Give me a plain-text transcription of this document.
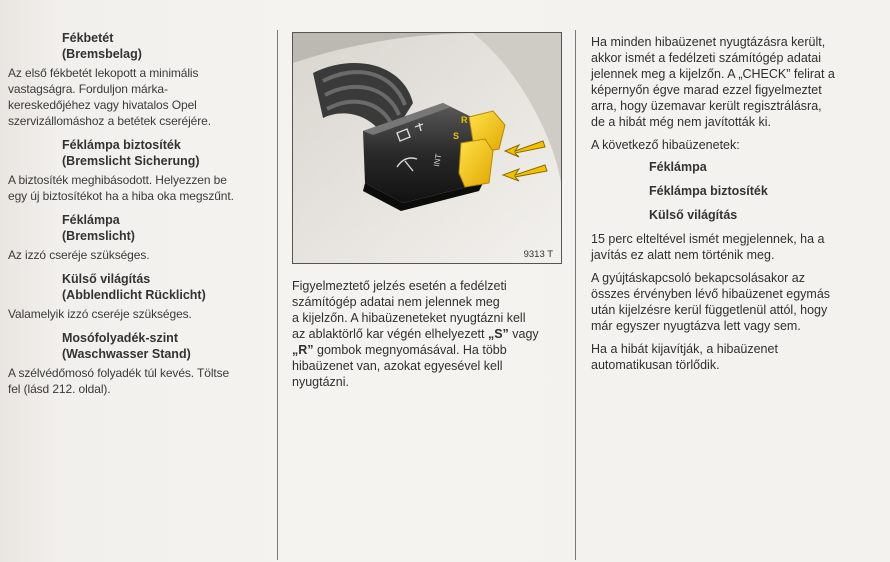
Fékbetét
(Bremsbelag)
Az első fékbetét lekopott a minimális
vastagságra. Forduljon márka-
kereskedőjéhez vagy hivatalos Opel
szervizállomáshoz a betétek cseréjére.
Féklámpa biztosíték
(Bremslicht Sicherung)
A biztosíték meghibásodott. Helyezzen be
egy új biztosítékot ha a hiba oka megszűnt.
Féklámpa
(Bremslicht)
Az izzó cseréje szükséges.
Külső világítás
(Abblendlicht Rücklicht)
Valamelyik izzó cseréje szükséges.
Mosófolyadék-szint
(Waschwasser Stand)
A szélvédőmosó folyadék túl kevés. Töltse
fel (lásd 212. oldal).
INT
R
S
9313 T
Figyelmeztető jelzés esetén a fedélzeti
számítógép adatai nem jelennek meg
a kijelzőn. A hibaüzeneteket nyugtázni kell
az ablaktörlő kar végén elhelyezett „S” vagy
„R” gombok megnyomásával. Ha több
hibaüzenet van, azokat egyesével kell
nyugtázni.
Ha minden hibaüzenet nyugtázásra került,
akkor ismét a fedélzeti számítógép adatai
jelennek meg a kijelzőn. A „CHECK” felirat a
képernyőn égve marad ezzel figyelmeztet
arra, hogy üzemavar került regisztrálásra,
de a hibát még nem javították ki.
A következő hibaüzenetek:
Féklámpa
Féklámpa biztosíték
Külső világítás
15 perc elteltével ismét megjelennek, ha a
javítás ez alatt nem történik meg.
A gyújtáskapcsoló bekapcsolásakor az
összes érvényben lévő hibaüzenet egymás
után kijelzésre kerül függetlenül attól, hogy
már egyszer nyugtázva lett vagy sem.
Ha a hibát kijavítják, a hibaüzenet
automatikusan törlődik.
